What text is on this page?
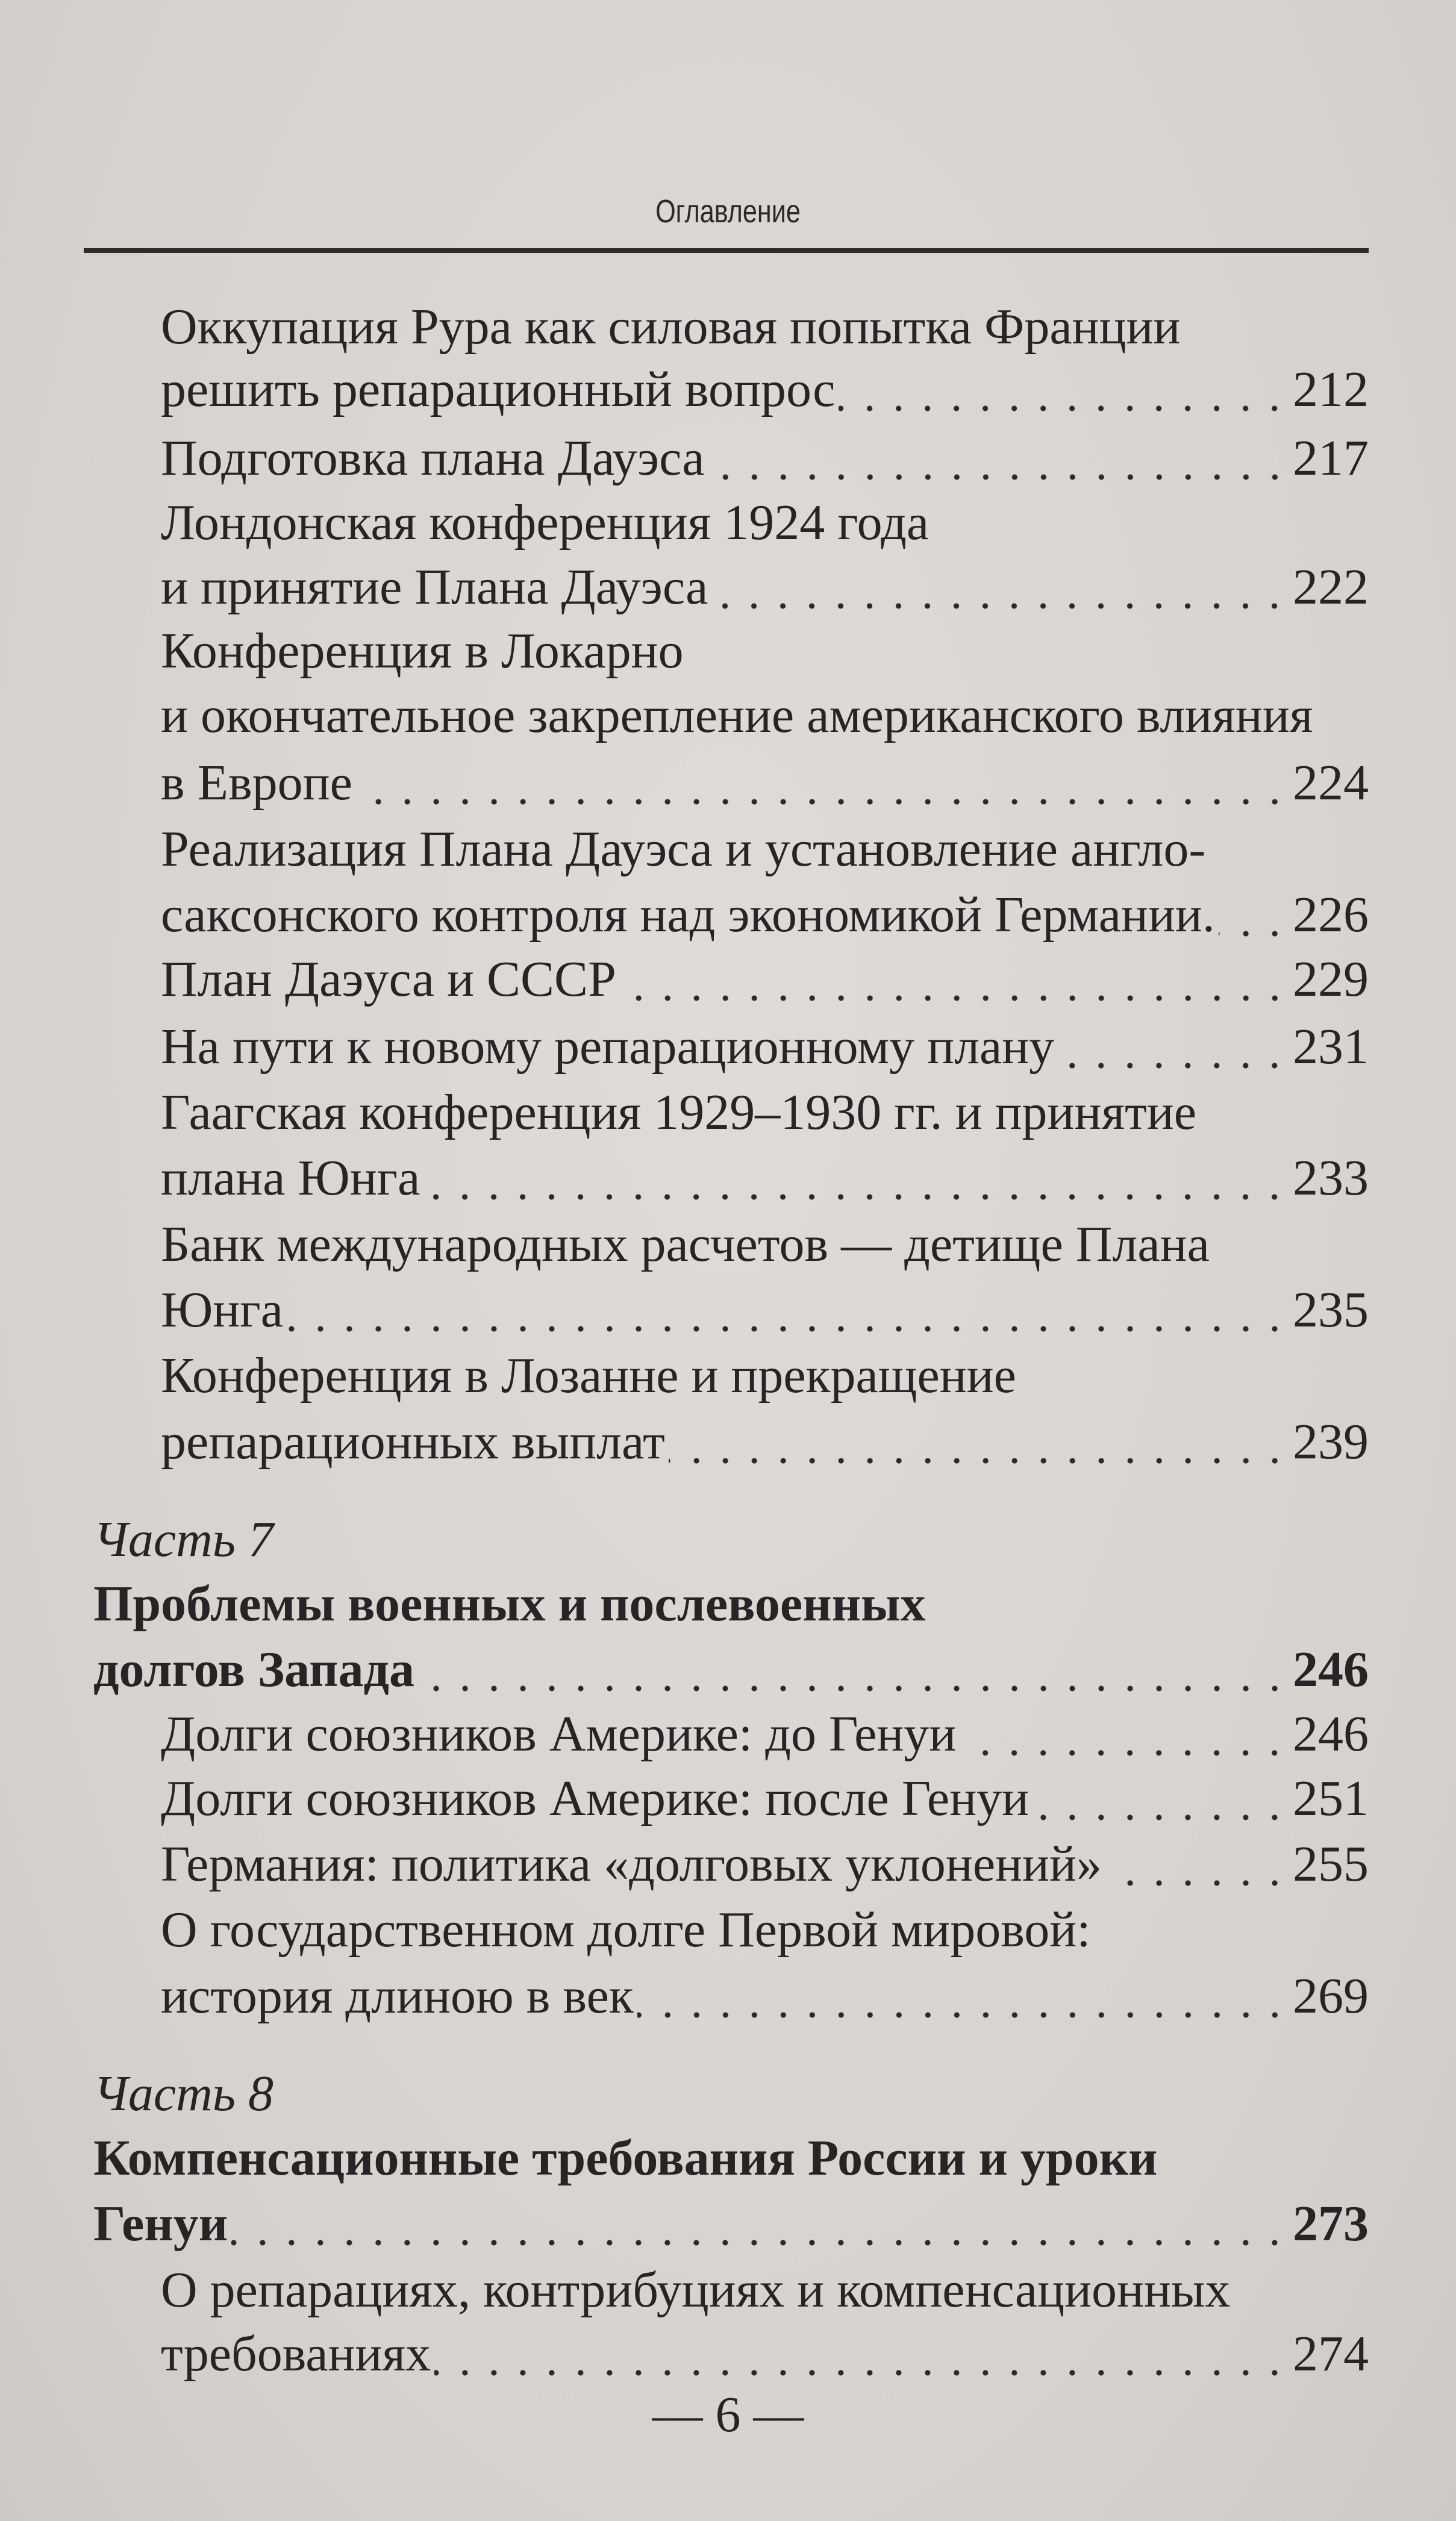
Оглавление
Оккупация Рура как силовая попытка Франции
решить репарационный вопрос	212
Подготовка плана Дауэса	217
Лондонская конференция 1924 года
и принятие Плана Дауэса	222
Конференция в Локарно
и окончательное закрепление американского влияния
в Европе	224
Реализация Плана Дауэса и установление англо-
саксонского контроля над экономикой Германии. 226
План Даэуса и СССР	229
На пути к новому репарационному плану	231
Гаагская конференция 1929–1930 гг. и принятие
плана Юнга	233
Банк международных расчетов — детище Плана
Юнга	235
Конференция в Лозанне и прекращение
репарационных выплат	239
Часть 7
Проблемы военных и послевоенных
долгов Запада	246
Долги союзников Америке: до Генуи	246
Долги союзников Америке: после Генуи	251
Германия: политика «долговых уклонений»	255
О государственном долге Первой мировой:
история длиною в век	269
Часть 8
Компенсационные требования России и уроки
Генуи	273
О репарациях, контрибуциях и компенсационных
требованиях	274
— 6 —
